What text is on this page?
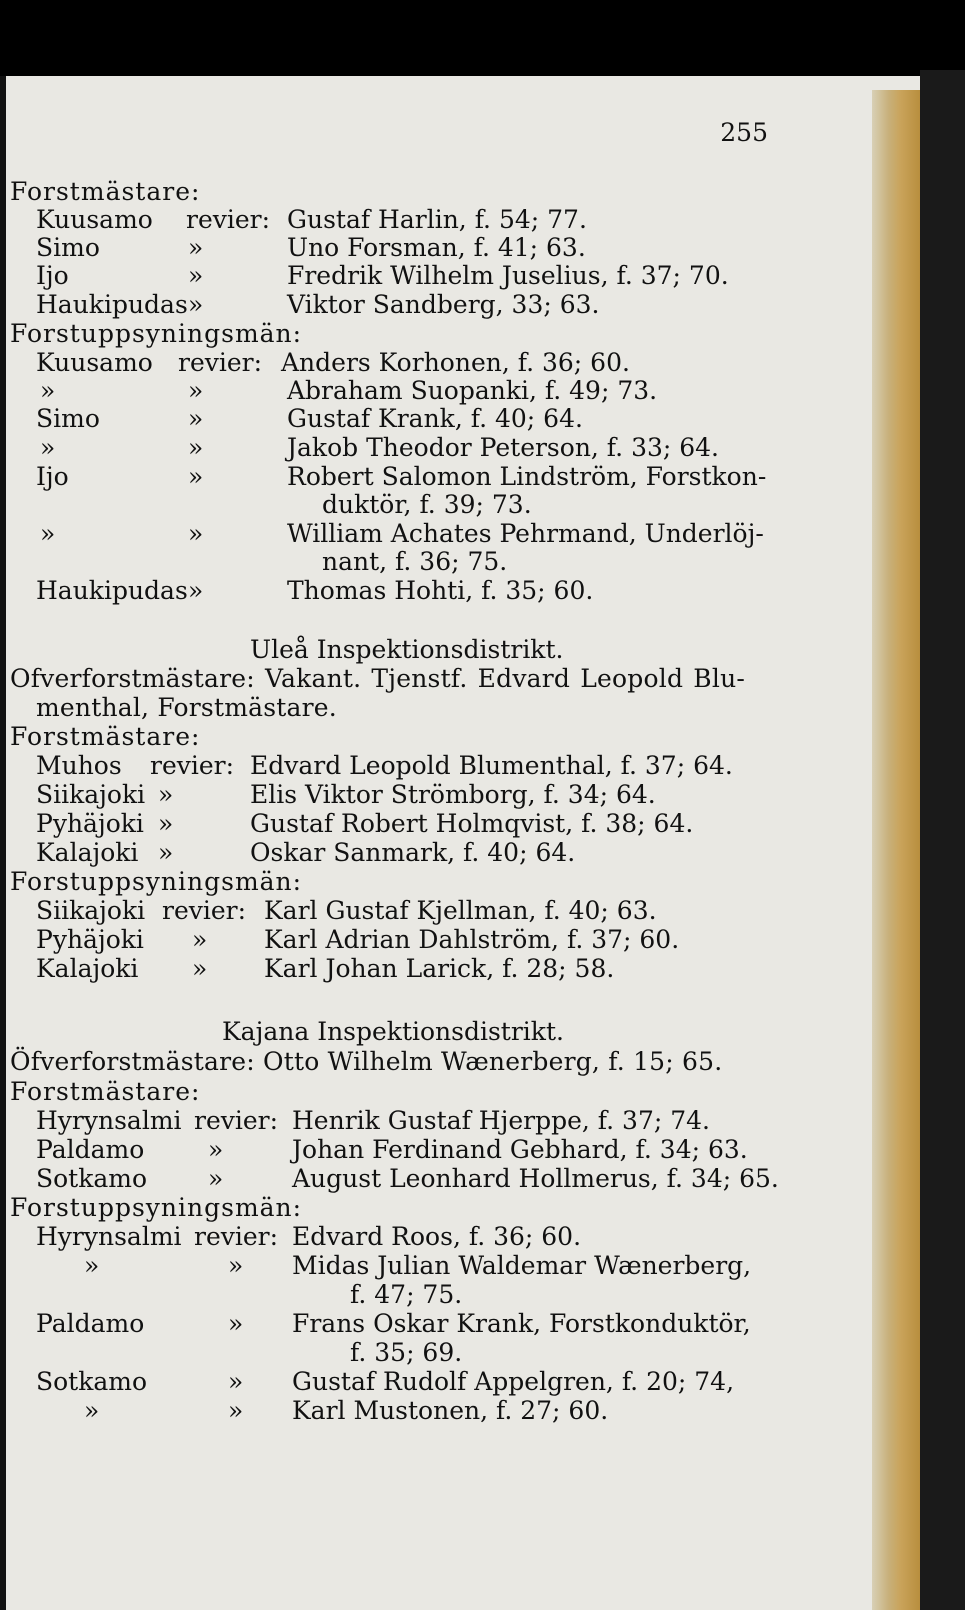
255
Forstmästare:
Kuusamo revier: Gustaf Harlin, f. 54; 77.
Simo	»	Uno Forsman, f. 41; 63.
Ijo	»	Fredrik Wilhelm Juselius, f. 37; 70.
Haukipudas »	Viktor Sandberg, 33; 63.
Forstuppsyningsmän:
Kuusamo revier: Anders Korhonen, f. 36; 60.
»	»	Abraham Suopanki, f. 49; 73.
Simo	»	Gustaf Krank, f. 40; 64.
»	»	Jakob Theodor Peterson, f. 33; 64.
Ijo	»	Robert Salomon Lindström, Forstkon-
duktör, f. 39; 73.
»	»	William Achates Pehrmand, Underlöj-
nant, f. 36; 75.
Haukipudas »	Thomas Hohti, f. 35; 60.
Uleå Inspektionsdistrikt.
Ofverforstmästare: Vakant. Tjenstf. Edvard Leopold Blu-
menthal, Forstmästare.
Forstmästare:
Muhos revier: Edvard Leopold Blumenthal, f. 37; 64.
Siikajoki »	Elis Viktor Strömborg, f. 34; 64.
Pyhäjoki »	Gustaf Robert Holmqvist, f. 38; 64.
Kalajoki »	Oskar Sanmark, f. 40; 64.
Forstuppsyningsmän:
Siikajoki revier: Karl Gustaf Kjellman, f. 40; 63.
Pyhäjoki » Karl Adrian Dahlström, f. 37; 60.
Kalajoki » Karl Johan Larick, f. 28; 58.
Kajana Inspektionsdistrikt.
Öfverforstmästare: Otto Wilhelm Wænerberg, f. 15; 65.
Forstmästare:
Hyrynsalmi revier: Henrik Gustaf Hjerppe, f. 37; 74.
Paldamo	»	Johan Ferdinand Gebhard, f. 34; 63.
Sotkamo »	August Leonhard Hollmerus, f. 34; 65.
Forstuppsyningsmän:
Hyrynsalmi revier: Edvard Roos, f. 36; 60.
»	» Midas Julian Waldemar Wænerberg,
f. 47; 75.
Paldamo	» Frans Oskar Krank, Forstkonduktör,
f. 35; 69.
Sotkamo	» Gustaf Rudolf Appelgren, f. 20; 74,
»	» Karl Mustonen, f. 27; 60.
